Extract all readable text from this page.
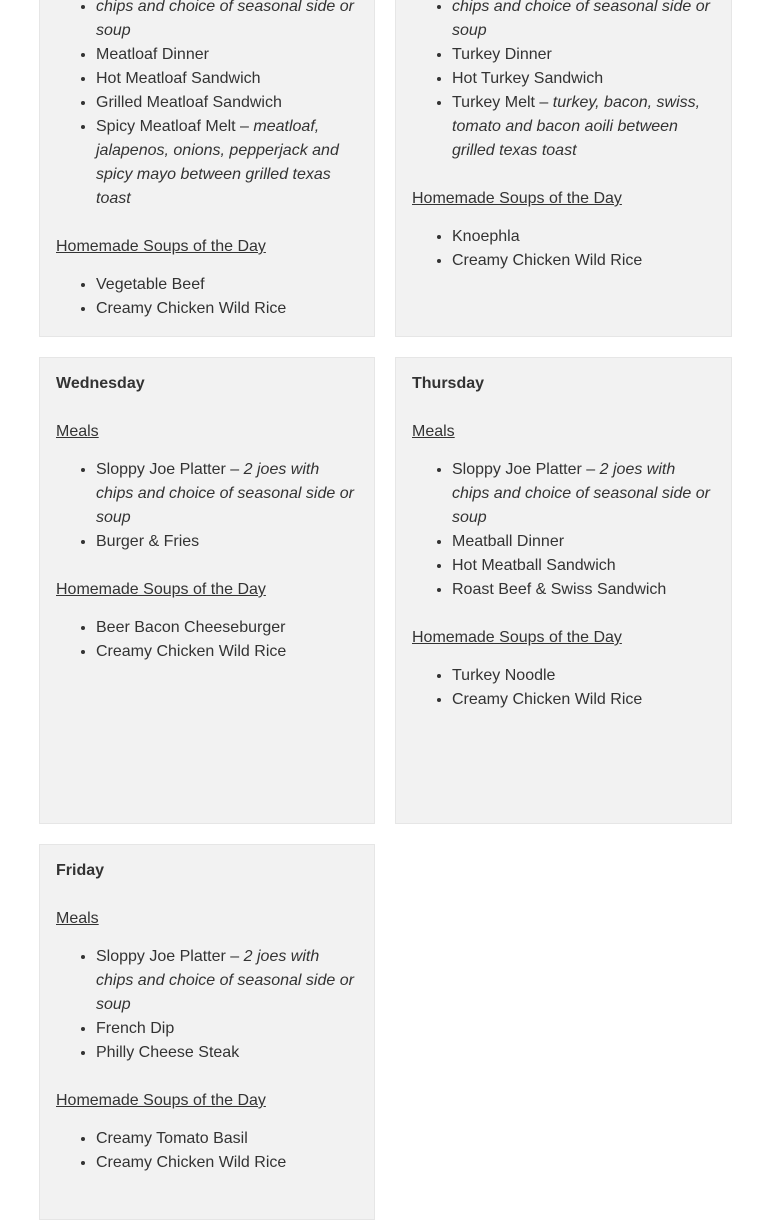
• chips and choice of seasonal side or soup
• Meatloaf Dinner
• Hot Meatloaf Sandwich
• Grilled Meatloaf Sandwich
• Spicy Meatloaf Melt – meatloaf, jalapenos, onions, pepperjack and spicy mayo between grilled texas toast
Homemade Soups of the Day
• Vegetable Beef
• Creamy Chicken Wild Rice
• chips and choice of seasonal side or soup
• Turkey Dinner
• Hot Turkey Sandwich
• Turkey Melt – turkey, bacon, swiss, tomato and bacon aoili between grilled texas toast
Homemade Soups of the Day
• Knoephla
• Creamy Chicken Wild Rice
Wednesday
Meals
• Sloppy Joe Platter – 2 joes with chips and choice of seasonal side or soup
• Burger & Fries
Homemade Soups of the Day
• Beer Bacon Cheeseburger
• Creamy Chicken Wild Rice
Thursday
Meals
• Sloppy Joe Platter – 2 joes with chips and choice of seasonal side or soup
• Meatball Dinner
• Hot Meatball Sandwich
• Roast Beef & Swiss Sandwich
Homemade Soups of the Day
• Turkey Noodle
• Creamy Chicken Wild Rice
Friday
Meals
• Sloppy Joe Platter – 2 joes with chips and choice of seasonal side or soup
• French Dip
• Philly Cheese Steak
Homemade Soups of the Day
• Creamy Tomato Basil
• Creamy Chicken Wild Rice
